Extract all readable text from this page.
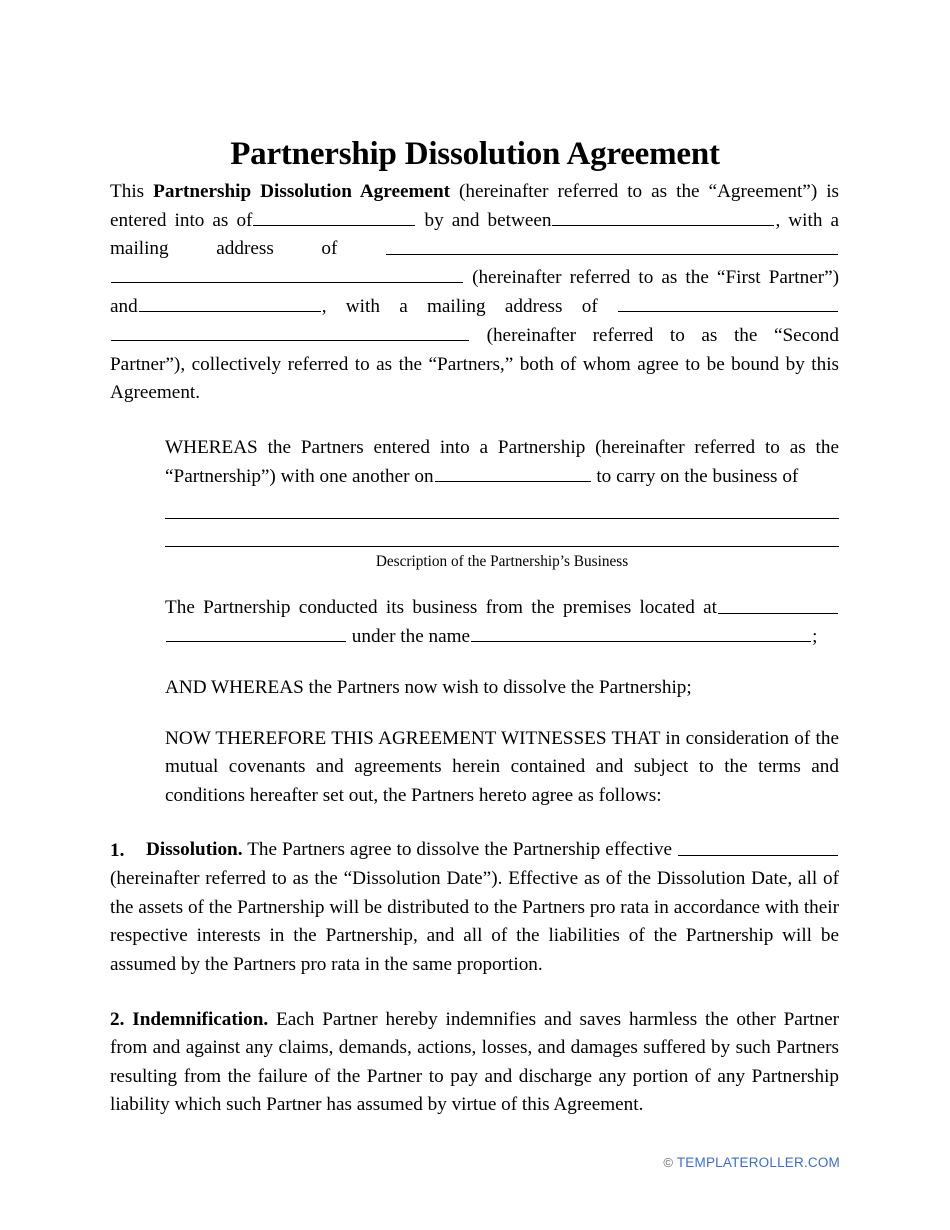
Partnership Dissolution Agreement

This Partnership Dissolution Agreement (hereinafter referred to as the “Agreement”) is entered into as of	by and between	, with a mailing address of   (hereinafter referred to as the “First Partner”) and	, with a mailing address of   (hereinafter referred to as the “Second Partner”), collectively referred to as the “Partners,” both of whom agree to be bound by this Agreement.

WHEREAS the Partners entered into a Partnership (hereinafter referred to as the “Partnership”) with one another on	to carry on the business of

Description of the Partnership’s Business

The Partnership conducted its business from the premises located at  under the name	;

AND WHEREAS the Partners now wish to dissolve the Partnership;

NOW THEREFORE THIS AGREEMENT WITNESSES THAT in consideration of the mutual covenants and agreements herein contained and subject to the terms and conditions hereafter set out, the Partners hereto agree as follows:

1. Dissolution. The Partners agree to dissolve the Partnership effective  (hereinafter referred to as the “Dissolution Date”). Effective as of the Dissolution Date, all of the assets of the Partnership will be distributed to the Partners pro rata in accordance with their respective interests in the Partnership, and all of the liabilities of the Partnership will be assumed by the Partners pro rata in the same proportion.

2. Indemnification. Each Partner hereby indemnifies and saves harmless the other Partner from and against any claims, demands, actions, losses, and damages suffered by such Partners resulting from the failure of the Partner to pay and discharge any portion of any Partnership liability which such Partner has assumed by virtue of this Agreement.

© TEMPLATEROLLER.COM
